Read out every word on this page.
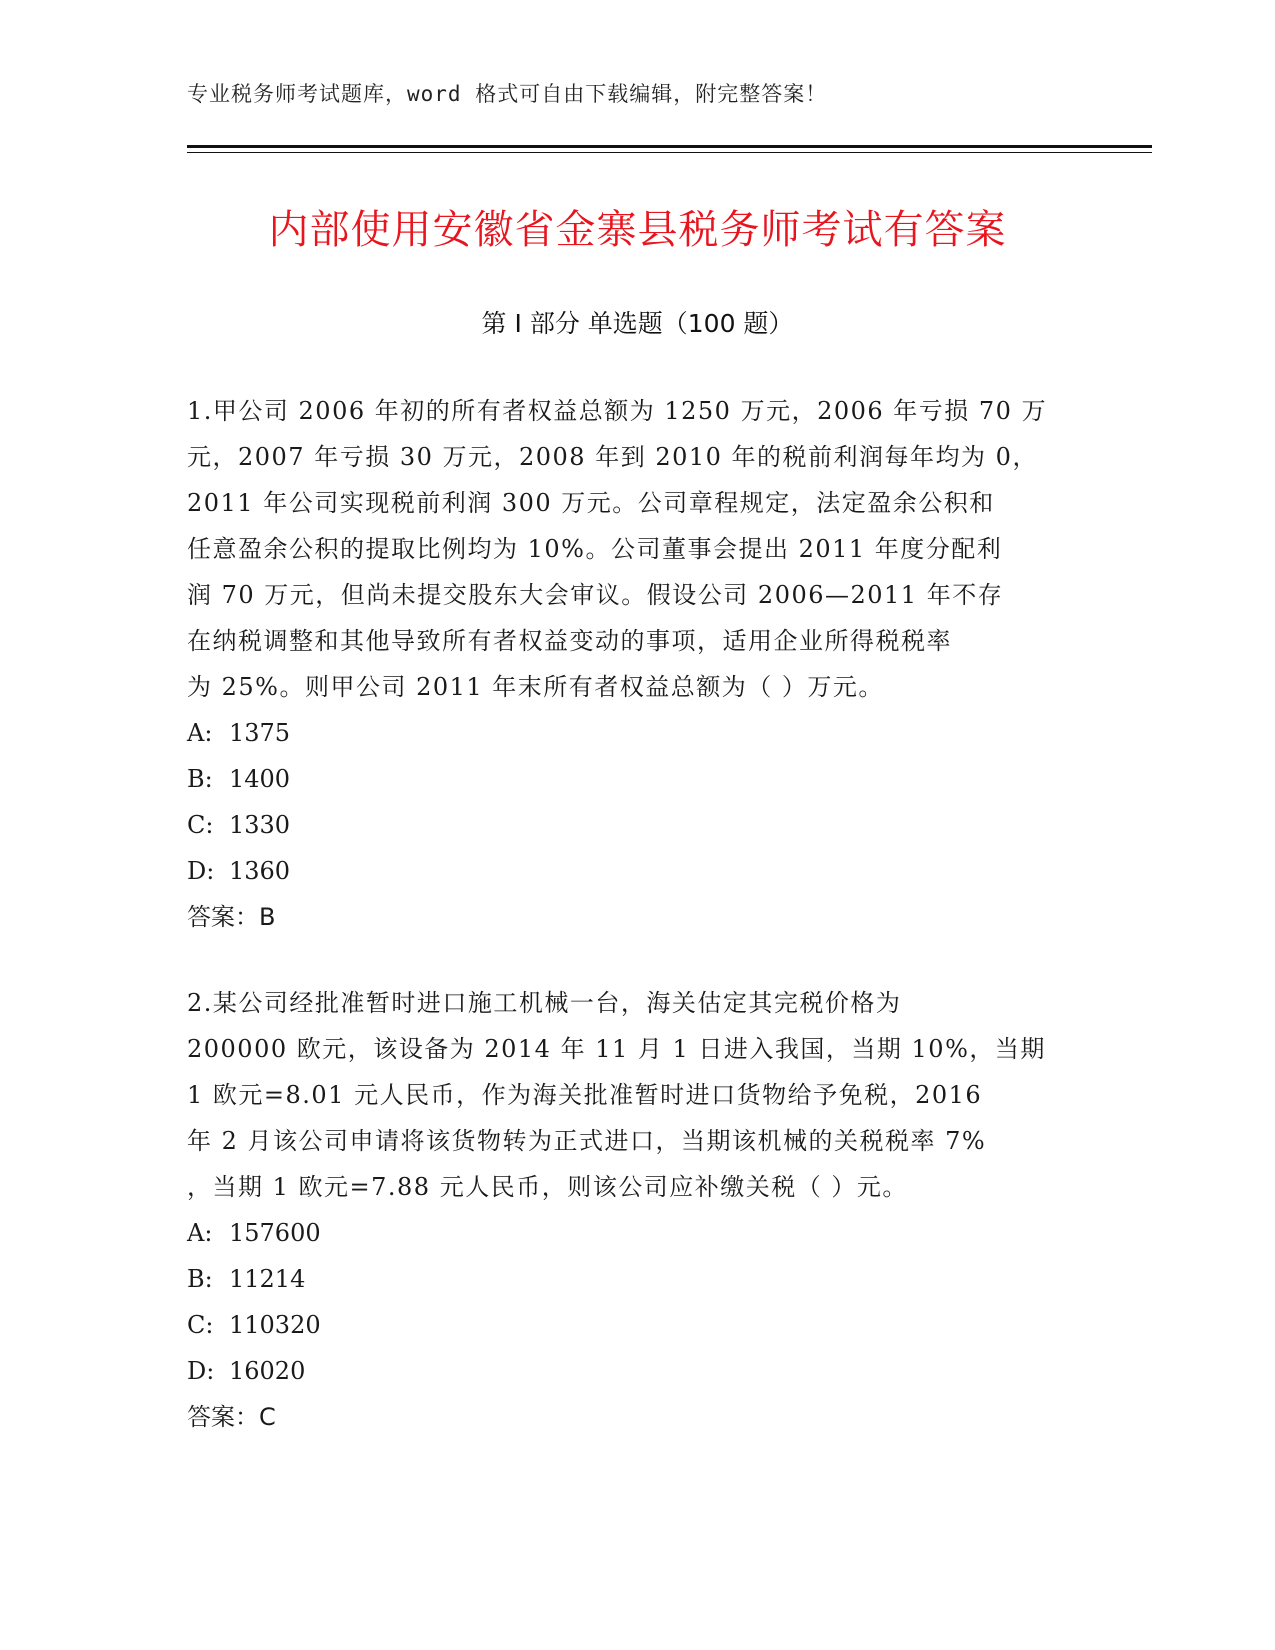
专业税务师考试题库，word 格式可自由下载编辑，附完整答案！
内部使用安徽省金寨县税务师考试有答案
第 I 部分 单选题（100 题）
1.甲公司 2006 年初的所有者权益总额为 1250 万元，2006 年亏损 70 万
元，2007 年亏损 30 万元，2008 年到 2010 年的税前利润每年均为 0，
2011 年公司实现税前利润 300 万元。公司章程规定，法定盈余公积和
任意盈余公积的提取比例均为 10%。公司董事会提出 2011 年度分配利
润 70 万元，但尚未提交股东大会审议。假设公司 2006—2011 年不存
在纳税调整和其他导致所有者权益变动的事项，适用企业所得税税率
为 25%。则甲公司 2011 年末所有者权益总额为（ ）万元。
A: 1375
B: 1400
C: 1330
D: 1360
答案：B
2.某公司经批准暂时进口施工机械一台，海关估定其完税价格为
200000 欧元，该设备为 2014 年 11 月 1 日进入我国，当期 10%，当期
1 欧元=8.01 元人民币，作为海关批准暂时进口货物给予免税，2016
年 2 月该公司申请将该货物转为正式进口，当期该机械的关税税率 7%
，当期 1 欧元=7.88 元人民币，则该公司应补缴关税（ ）元。
A: 157600
B: 11214
C: 110320
D: 16020
答案：C
